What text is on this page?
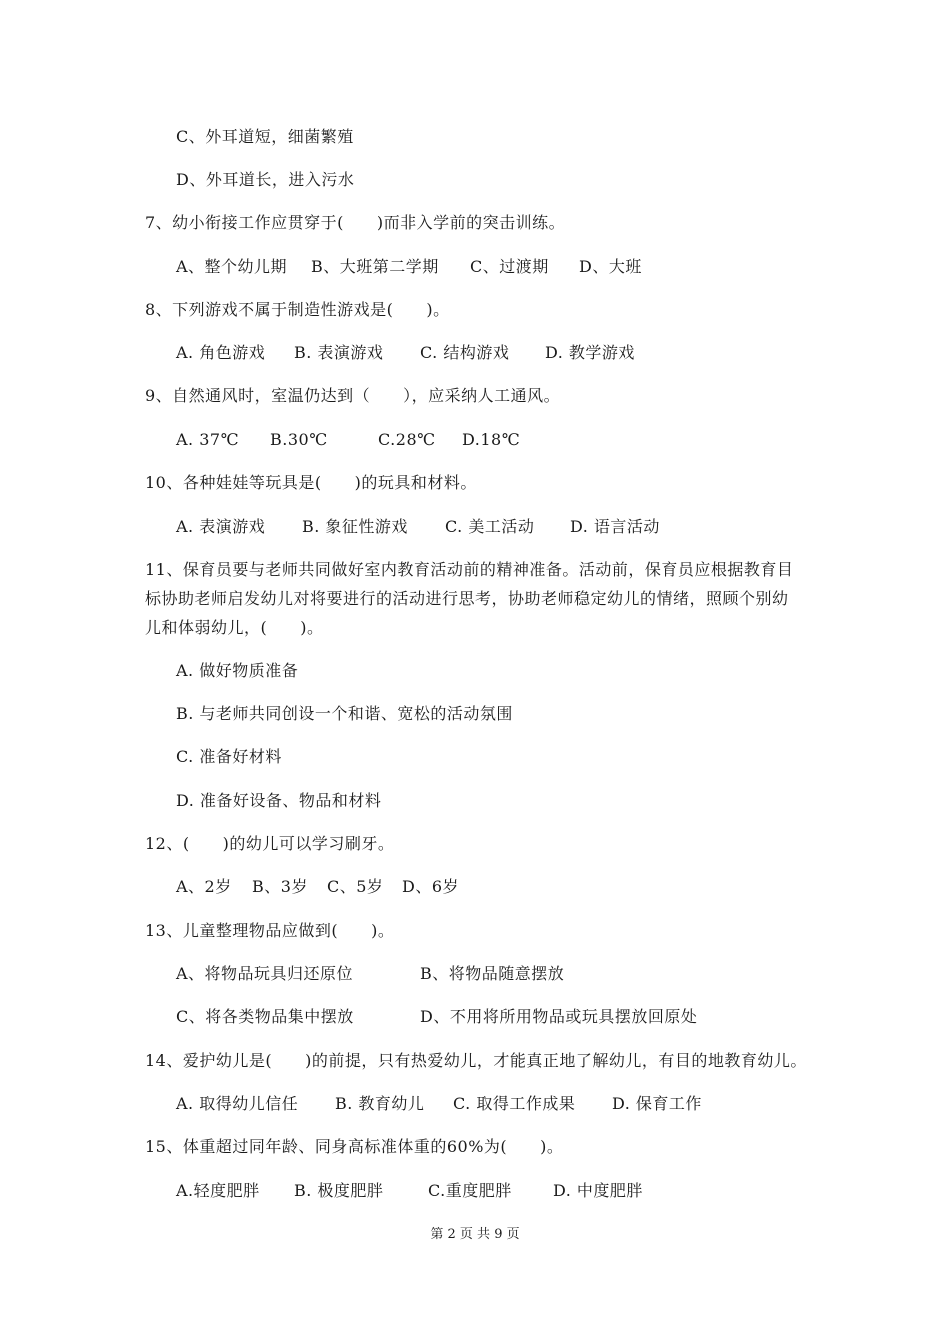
C、外耳道短，细菌繁殖
D、外耳道长，进入污水
7、幼小衔接工作应贯穿于(　　)而非入学前的突击训练。
A、整个幼儿期 B、大班第二学期 C、过渡期 D、大班
8、下列游戏不属于制造性游戏是(　　)。
A. 角色游戏 B. 表演游戏 C. 结构游戏 D. 教学游戏
9、自然通风时，室温仍达到（　　），应采纳人工通风。
A. 37℃ B.30℃	C.28℃ D.18℃
10、各种娃娃等玩具是(　　)的玩具和材料。
A. 表演游戏 B. 象征性游戏 C. 美工活动 D. 语言活动
11、保育员要与老师共同做好室内教育活动前的精神准备。活动前，保育员应根据教育目
标协助老师启发幼儿对将要进行的活动进行思考，协助老师稳定幼儿的情绪，照顾个别幼
儿和体弱幼儿，(　　)。
A. 做好物质准备
B. 与老师共同创设一个和谐、宽松的活动氛围
C. 准备好材料
D. 准备好设备、物品和材料
12、(　　)的幼儿可以学习刷牙。
A、2岁 B、3岁 C、5岁 D、6岁
13、儿童整理物品应做到(　　)。
A、将物品玩具归还原位	B、将物品随意摆放
C、将各类物品集中摆放	D、不用将所用物品或玩具摆放回原处
14、爱护幼儿是(　　)的前提，只有热爱幼儿，才能真正地了解幼儿，有目的地教育幼儿。
A. 取得幼儿信任 B. 教育幼儿 C. 取得工作成果 D. 保育工作
15、体重超过同年龄、同身高标准体重的60%为(　　)。
A.轻度肥胖 B. 极度肥胖	C.重度肥胖	D. 中度肥胖
第 2 页 共 9 页
